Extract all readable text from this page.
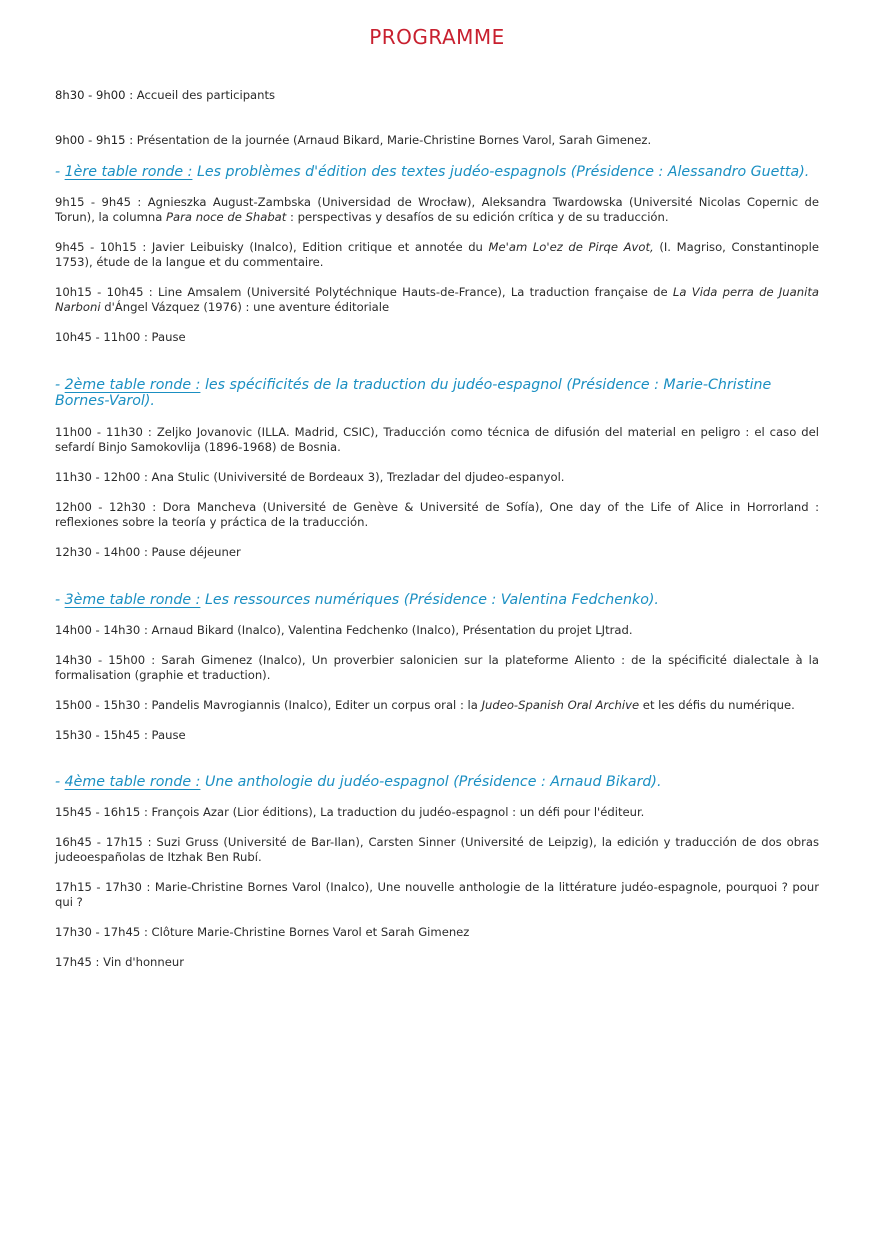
PROGRAMME
8h30 - 9h00 : Accueil des participants
9h00 - 9h15 : Présentation de la journée (Arnaud Bikard, Marie-Christine Bornes Varol, Sarah Gimenez.
- 1ère table ronde : Les problèmes d'édition des textes judéo-espagnols (Présidence : Alessandro Guetta).
9h15 - 9h45 : Agnieszka August-Zambska (Universidad de Wrocław), Aleksandra Twardowska (Université Nicolas Copernic de Torun), la columna Para noce de Shabat : perspectivas y desafíos de su edición crítica y de su traducción.
9h45 - 10h15 : Javier Leibuisky (Inalco), Edition critique et annotée du Me'am Lo'ez de Pirqe Avot, (I. Magriso, Constantinople 1753), étude de la langue et du commentaire.
10h15 - 10h45 : Line Amsalem (Université Polytéchnique Hauts-de-France), La traduction française de La Vida perra de Juanita Narboni d'Ángel Vázquez (1976) : une aventure éditoriale
10h45 - 11h00 : Pause
- 2ème table ronde : les spécificités de la traduction du judéo-espagnol (Présidence : Marie-Christine Bornes-Varol).
11h00 - 11h30 : Zeljko Jovanovic (ILLA. Madrid, CSIC), Traducción como técnica de difusión del material en peligro : el caso del sefardí Binjo Samokovlija (1896-1968) de Bosnia.
11h30 - 12h00 : Ana Stulic (Univiversité de Bordeaux 3), Trezladar del djudeo-espanyol.
12h00 - 12h30 : Dora Mancheva (Université de Genève & Université de Sofía), One day of the Life of Alice in Horrorland : reflexiones sobre la teoría y práctica de la traducción.
12h30 - 14h00 : Pause déjeuner
- 3ème table ronde : Les ressources numériques (Présidence : Valentina Fedchenko).
14h00 - 14h30 : Arnaud Bikard (Inalco), Valentina Fedchenko (Inalco), Présentation du projet LJtrad.
14h30 - 15h00 : Sarah Gimenez (Inalco), Un proverbier salonicien sur la plateforme Aliento : de la spécificité dialectale à la formalisation (graphie et traduction).
15h00 - 15h30 : Pandelis Mavrogiannis (Inalco), Editer un corpus oral : la Judeo-Spanish Oral Archive et les défis du numérique.
15h30 - 15h45 : Pause
- 4ème table ronde : Une anthologie du judéo-espagnol (Présidence : Arnaud Bikard).
15h45 - 16h15 : François Azar (Lior éditions), La traduction du judéo-espagnol : un défi pour l'éditeur.
16h45 - 17h15 : Suzi Gruss (Université de Bar-Ilan), Carsten Sinner (Université de Leipzig), la edición y traducción de dos obras judeoespañolas de Itzhak Ben Rubí.
17h15 - 17h30 : Marie-Christine Bornes Varol (Inalco), Une nouvelle anthologie de la littérature judéo-espagnole, pourquoi ? pour qui ?
17h30 - 17h45 : Clôture Marie-Christine Bornes Varol et Sarah Gimenez
17h45 : Vin d'honneur
